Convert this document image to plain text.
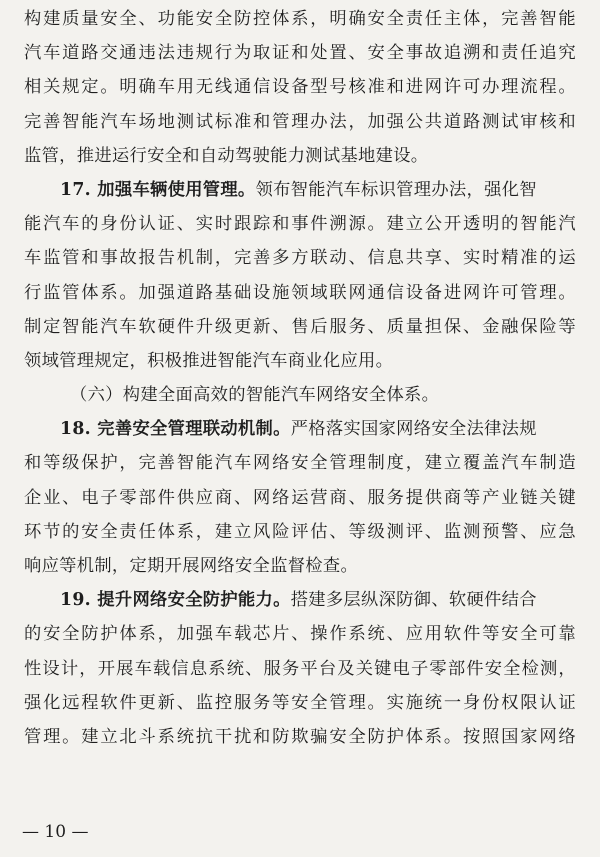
构建质量安全、功能安全防控体系，明确安全责任主体，完善智能
汽车道路交通违法违规行为取证和处置、安全事故追溯和责任追究
相关规定。明确车用无线通信设备型号核准和进网许可办理流程。
完善智能汽车场地测试标准和管理办法，加强公共道路测试审核和
监管，推进运行安全和自动驾驶能力测试基地建设。
17. 加强车辆使用管理。领布智能汽车标识管理办法，强化智
能汽车的身份认证、实时跟踪和事件溯源。建立公开透明的智能汽
车监管和事故报告机制，完善多方联动、信息共享、实时精准的运
行监管体系。加强道路基础设施领域联网通信设备进网许可管理。
制定智能汽车软硬件升级更新、售后服务、质量担保、金融保险等
领域管理规定，积极推进智能汽车商业化应用。
（六）构建全面高效的智能汽车网络安全体系。
18. 完善安全管理联动机制。严格落实国家网络安全法律法规
和等级保护，完善智能汽车网络安全管理制度，建立覆盖汽车制造
企业、电子零部件供应商、网络运营商、服务提供商等产业链关键
环节的安全责任体系，建立风险评估、等级测评、监测预警、应急
响应等机制，定期开展网络安全监督检查。
19. 提升网络安全防护能力。搭建多层纵深防御、软硬件结合
的安全防护体系，加强车载芯片、操作系统、应用软件等安全可靠
性设计，开展车载信息系统、服务平台及关键电子零部件安全检测，
强化远程软件更新、监控服务等安全管理。实施统一身份权限认证
管理。建立北斗系统抗干扰和防欺骗安全防护体系。按照国家网络
— 10 —
